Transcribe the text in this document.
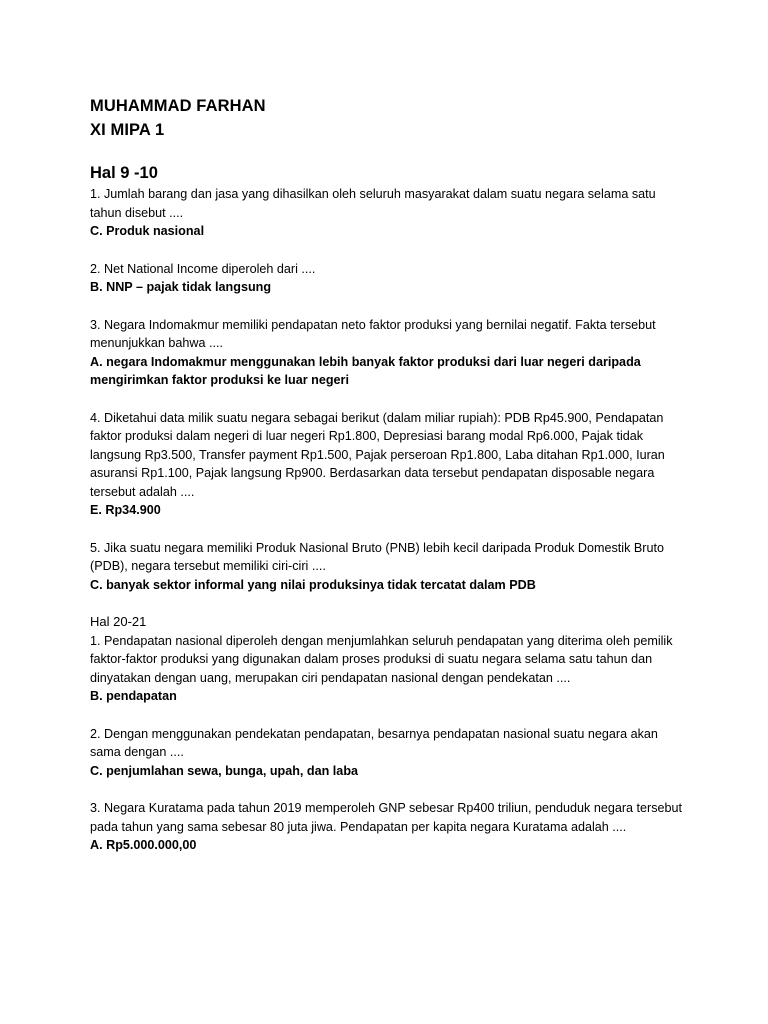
MUHAMMAD FARHAN
XI MIPA 1
Hal 9 -10

1. Jumlah barang dan jasa yang dihasilkan oleh seluruh masyarakat dalam suatu negara selama satu tahun disebut ....

C. Produk nasional

2. Net National Income diperoleh dari ....

B. NNP – pajak tidak langsung

3. Negara Indomakmur memiliki pendapatan neto faktor produksi yang bernilai negatif. Fakta tersebut menunjukkan bahwa ....

A. negara Indomakmur menggunakan lebih banyak faktor produksi dari luar negeri daripada mengirimkan faktor produksi ke luar negeri

4. Diketahui data milik suatu negara sebagai berikut (dalam miliar rupiah): PDB Rp45.900, Pendapatan faktor produksi dalam negeri di luar negeri Rp1.800, Depresiasi barang modal Rp6.000, Pajak tidak langsung Rp3.500, Transfer payment Rp1.500, Pajak perseroan Rp1.800, Laba ditahan Rp1.000, Iuran asuransi Rp1.100, Pajak langsung Rp900. Berdasarkan data tersebut pendapatan disposable negara tersebut adalah ....

E. Rp34.900

5. Jika suatu negara memiliki Produk Nasional Bruto (PNB) lebih kecil daripada Produk Domestik Bruto (PDB), negara tersebut memiliki ciri-ciri ....

C. banyak sektor informal yang nilai produksinya tidak tercatat dalam PDB

Hal 20-21

1. Pendapatan nasional diperoleh dengan menjumlahkan seluruh pendapatan yang diterima oleh pemilik faktor-faktor produksi yang digunakan dalam proses produksi di suatu negara selama satu tahun dan dinyatakan dengan uang, merupakan ciri pendapatan nasional dengan pendekatan ....

B. pendapatan

2. Dengan menggunakan pendekatan pendapatan, besarnya pendapatan nasional suatu negara akan sama dengan ....

C. penjumlahan sewa, bunga, upah, dan laba

3. Negara Kuratama pada tahun 2019 memperoleh GNP sebesar Rp400 triliun, penduduk negara tersebut pada tahun yang sama sebesar 80 juta jiwa. Pendapatan per kapita negara Kuratama adalah ....

A. Rp5.000.000,00
